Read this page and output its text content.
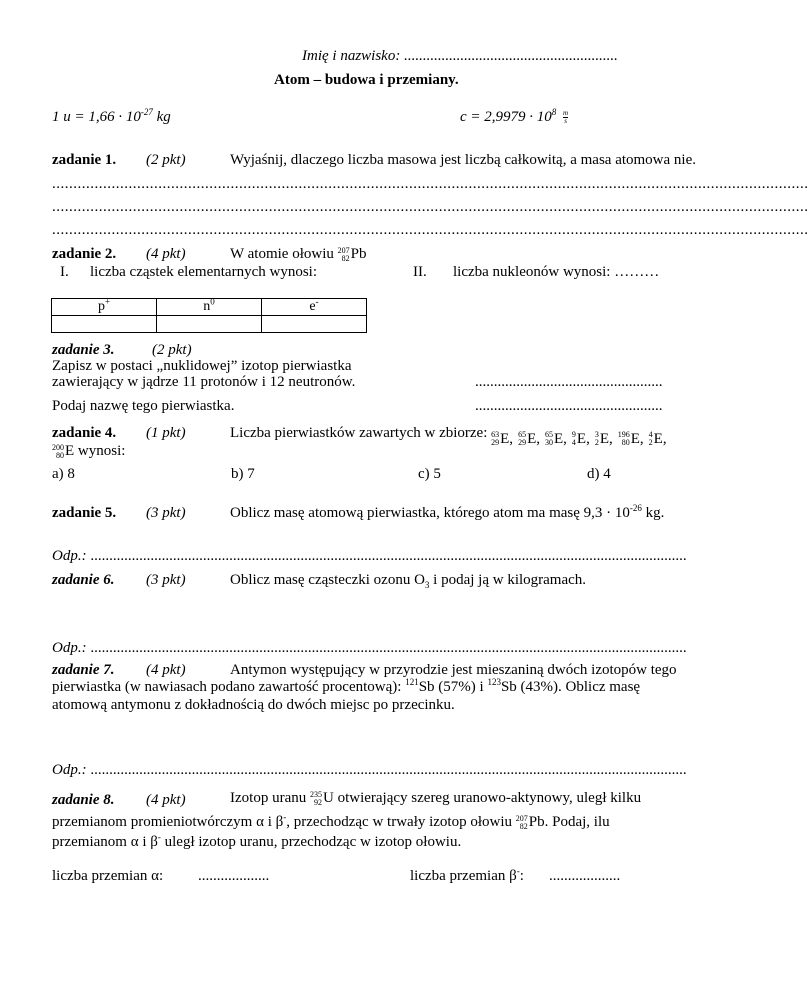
Imię i nazwisko: .........................................................
Atom – budowa i przemiany.
1 $u = 1,66 \cdot 10^{-27}$ kg	$c = 2,9979 \cdot 10^8 \frac{m}{s}$
zadanie 1. (2 pkt)	Wyjaśnij, dlaczego liczba masowa jest liczbą całkowitą, a masa atomowa nie.
..................................................................................................................................................................................
..................................................................................................................................................................................
..................................................................................................................................................................................
zadanie 2. (4 pkt)	W atomie ołowiu 207
82 Pb
I. liczba cząstek elementarnych wynosi:	II. liczba nukleonów wynosi: ………
p+	$n^0$	e-

zadanie 3. (2 pkt)
Zapisz w postaci „nuklidowej” izotop pierwiastka
zawierający w jądrze 11 protonów i 12 neutronów.	..................................................
Podaj nazwę tego pierwiastka.	..................................................
zadanie 4. (1 pkt)	Liczba pierwiastków zawartych w zbiorze: 63
29 E, 65
29 E, 65
30 E, 9
4 E, 3
2 E, 196
80 E, 4
2 E,
200
80 E wynosi:
a) 8	b) 7	c) 5	d) 4
zadanie 5. (3 pkt)	Oblicz masę atomową pierwiastka, którego atom ma masę $9,3 \cdot 10^{-26}$ kg.
Odp.: ...............................................................................................................................................................
zadanie 6. (3 pkt)	Oblicz masę cząsteczki ozonu $O_3$ i podaj ją w kilogramach.
Odp.: ...............................................................................................................................................................
zadanie 7. (4 pkt)	Antymon występujący w przyrodzie jest mieszaniną dwóch izotopów tego
pierwiastka (w nawiasach podano zawartość procentową): $^{121}$Sb (57%) i $^{123}$Sb (43%). Oblicz masę
atomową antymonu z dokładnością do dwóch miejsc po przecinku.
Odp.: ...............................................................................................................................................................
zadanie 8. (4 pkt)	Izotop uranu 235
92 U otwierający szereg uranowo-aktynowy, uległ kilku
przemianom promieniotwórczym α i β-, przechodząc w trwały izotop ołowiu 207
82 Pb. Podaj, ilu
przemianom α i β- uległ izotop uranu, przechodząc w izotop ołowiu.
liczba przemian α: ...................	liczba przemian β-: ...................
